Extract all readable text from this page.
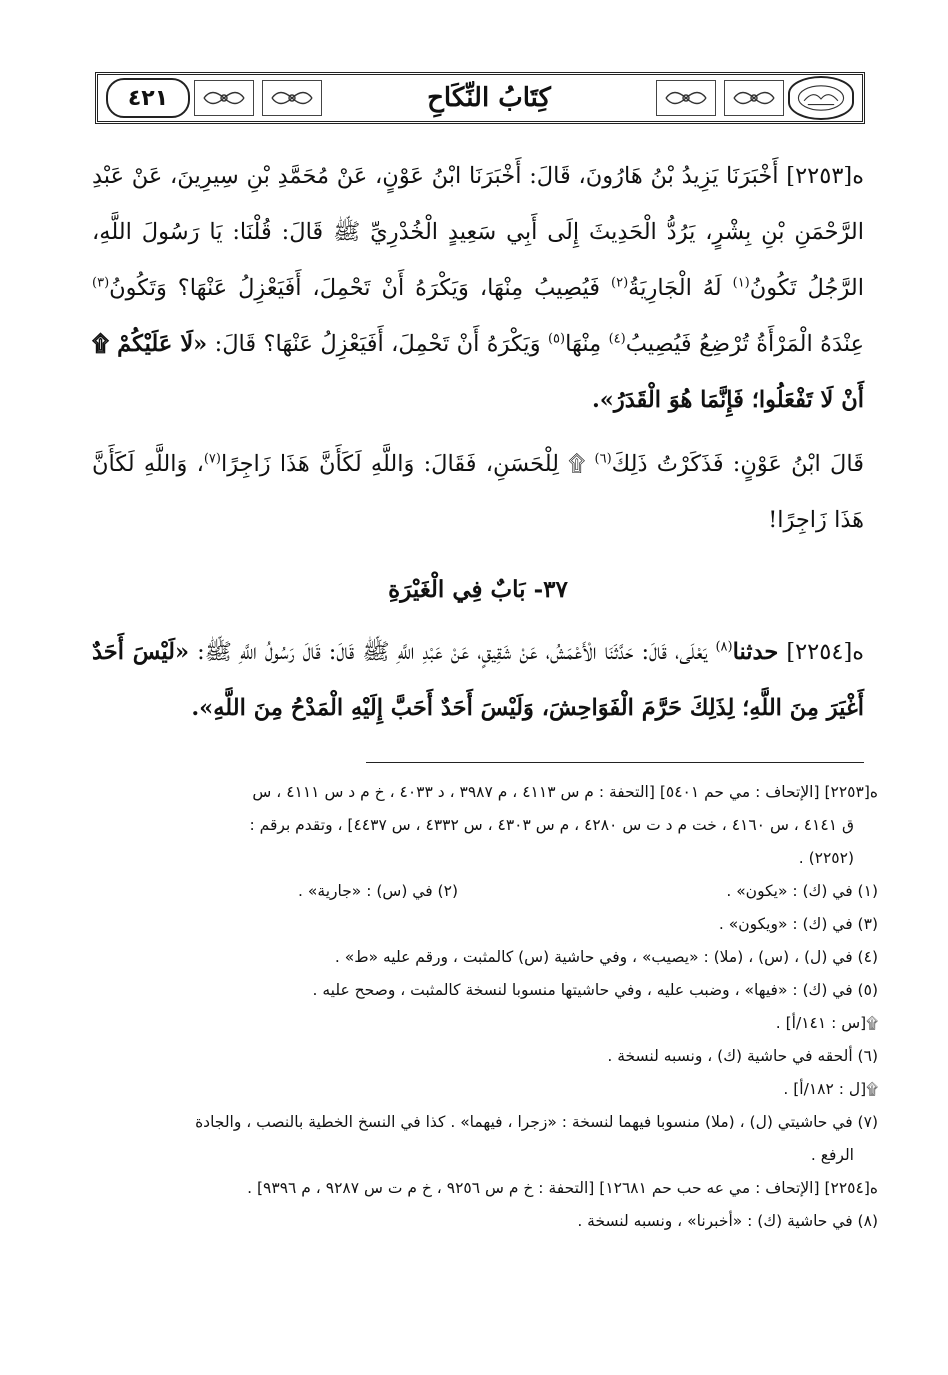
٤٢١	كِتَابُ النِّكَاحِ

ە[٢٢٥٣] أَخْبَرَنَا يَزِيدُ بْنُ هَارُونَ، قَالَ: أَخْبَرَنَا ابْنُ عَوْنٍ، عَنْ مُحَمَّدِ بْنِ سِيرِينَ، عَنْ عَبْدِ الرَّحْمَنِ بْنِ بِشْرٍ، يَرُدُّ الْحَدِيثَ إِلَى أَبِي سَعِيدٍ الْخُدْرِيِّ ﷺ قَالَ: قُلْنَا: يَا رَسُولَ اللَّهِ، الرَّجُلُ تَكُونُ$^{(١)}$ لَهُ الْجَارِيَةُ$^{(٢)}$ فَيُصِيبُ مِنْهَا، وَيَكْرَهُ أَنْ تَحْمِلَ، أَفَيَعْزِلُ عَنْهَا؟ وَتَكُونُ$^{(٣)}$ عِنْدَهُ الْمَرْأَةُ تُرْضِعُ فَيُصِيبُ$^{(٤)}$ مِنْهَا$^{(٥)}$ وَيَكْرَهُ أَنْ تَحْمِلَ، أَفَيَعْزِلُ عَنْهَا؟ قَالَ: «لَا عَلَيْكُمْ ۩ أَنْ لَا تَفْعَلُوا؛ فَإِنَّمَا هُوَ الْقَدَرُ».

قَالَ ابْنُ عَوْنٍ: فَذَكَرْتُ ذَلِكَ$^{(٦)}$ ۩ لِلْحَسَنِ، فَقَالَ: وَاللَّهِ لَكَأَنَّ هَذَا زَاجِرًا$^{(٧)}$، وَاللَّهِ لَكَأَنَّ هَذَا زَاجِرًا!

٣٧- بَابٌ فِي الْغَيْرَةِ

ە[٢٢٥٤] حدثنا$^{(٨)}$ يَعْلَى، قَالَ: حَدَّثَنَا الْأَعْمَشُ، عَنْ شَقِيقٍ، عَنْ عَبْدِ اللَّهِ ﷺ قَالَ: قَالَ رَسُولُ اللَّهِ ﷺ: «لَيْسَ أَحَدٌ أَغْيَرَ مِنَ اللَّهِ؛ لِذَلِكَ حَرَّمَ الْفَوَاحِشَ، وَلَيْسَ أَحَدٌ أَحَبَّ إِلَيْهِ الْمَدْحُ مِنَ اللَّهِ».

ە[٢٢٥٣] [الإتحاف : مي حم ٥٤٠١] [التحفة : م س ٤١١٣ ، م ٣٩٨٧ ، د ٤٠٣٣ ، خ م د س ٤١١١ ، س

ق ٤١٤١ ، س ٤١٦٠ ، خت م د ت س ٤٢٨٠ ، م س ٤٣٠٣ ، س ٤٣٣٢ ، س ٤٤٣٧] ، وتقدم برقم :

(٢٢٥٢) .

(١) في (ك) : «يكون» .

(٢) في (س) : «جارية» .

(٣) في (ك) : «ويكون» .

(٤) في (ل) ، (س) ، (ملا) : «يصيب» ، وفي حاشية (س) كالمثبت ، ورقم عليه «ط» .

(٥) في (ك) : «فيها» ، وضبب عليه ، وفي حاشيتها منسوبا لنسخة كالمثبت ، وصحح عليه .

۩[س : ١٤١/أ] .

(٦) ألحقه في حاشية (ك) ، ونسبه لنسخة .

۩[ل : ١٨٢/أ] .

(٧) في حاشيتي (ل) ، (ملا) منسوبا فيهما لنسخة : «زجرا ، فيهما» . كذا في النسخ الخطية بالنصب ، والجادة

الرفع .

ە[٢٢٥٤] [الإتحاف : مي عه حب حم ١٢٦٨١] [التحفة : خ م س ٩٢٥٦ ، خ م ت س ٩٢٨٧ ، م ٩٣٩٦] .

(٨) في حاشية (ك) : «أخبرنا» ، ونسبه لنسخة .
